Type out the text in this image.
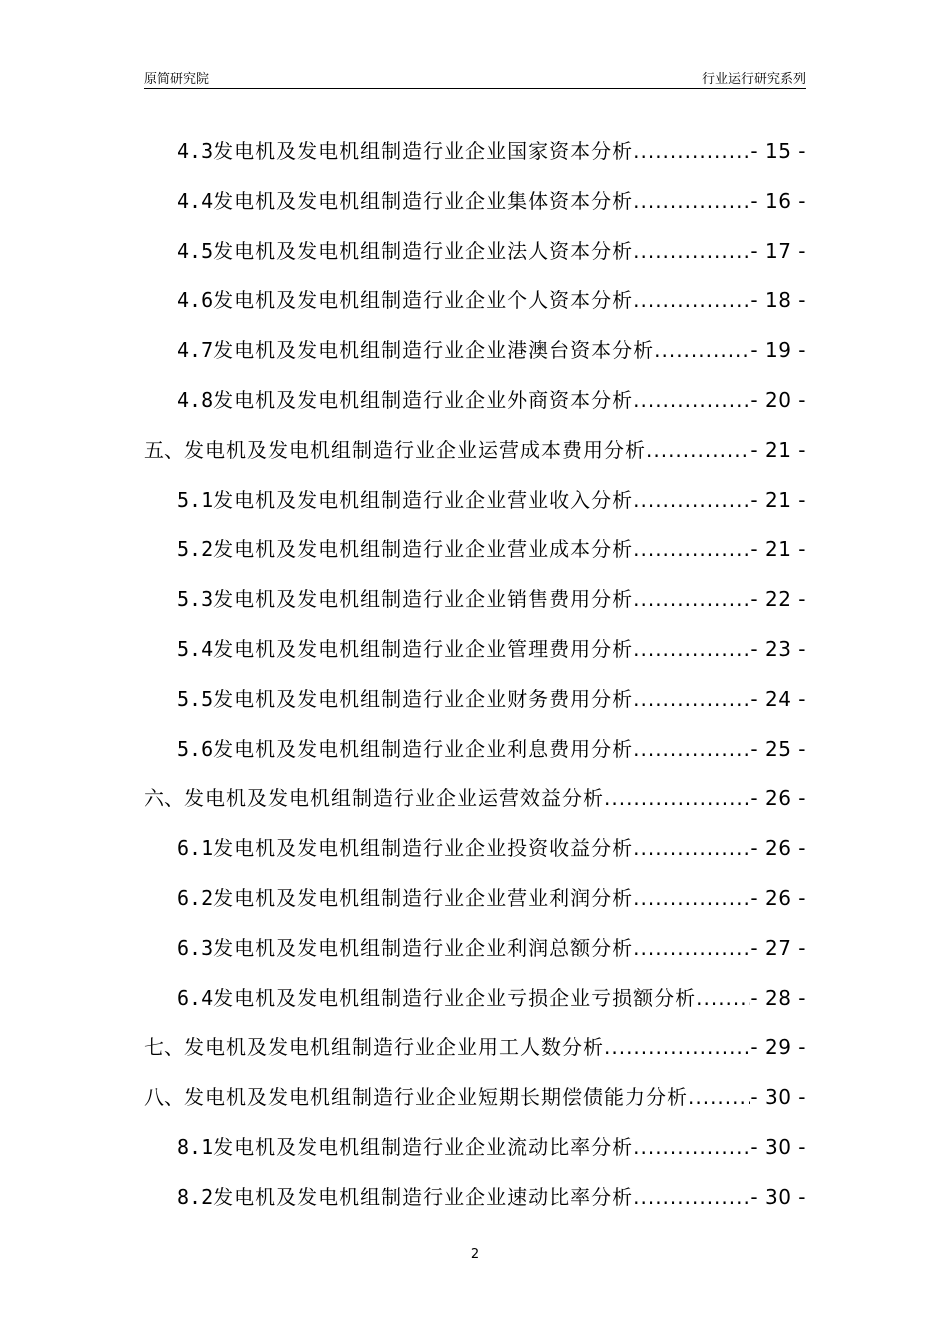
原简研究院	行业运行研究系列
4.3 发电机及发电机组制造行业企业国家资本分析 .....	- 15 -
4.4 发电机及发电机组制造行业企业集体资本分析 .....	- 16 -
4.5 发电机及发电机组制造行业企业法人资本分析 .....	- 17 -
4.6 发电机及发电机组制造行业企业个人资本分析 .....	- 18 -
4.7 发电机及发电机组制造行业企业港澳台资本分析 .....	- 19 -
4.8 发电机及发电机组制造行业企业外商资本分析 .....	- 20 -
五、 发电机及发电机组制造行业企业运营成本费用分析 .....	- 21 -
5.1 发电机及发电机组制造行业企业营业收入分析 .....	- 21 -
5.2 发电机及发电机组制造行业企业营业成本分析 .....	- 21 -
5.3 发电机及发电机组制造行业企业销售费用分析 .....	- 22 -
5.4 发电机及发电机组制造行业企业管理费用分析 .....	- 23 -
5.5 发电机及发电机组制造行业企业财务费用分析 .....	- 24 -
5.6 发电机及发电机组制造行业企业利息费用分析 .....	- 25 -
六、 发电机及发电机组制造行业企业运营效益分析 .....	- 26 -
6.1 发电机及发电机组制造行业企业投资收益分析 .....	- 26 -
6.2 发电机及发电机组制造行业企业营业利润分析 .....	- 26 -
6.3 发电机及发电机组制造行业企业利润总额分析 .....	- 27 -
6.4 发电机及发电机组制造行业企业亏损企业亏损额分析 .....	- 28 -
七、 发电机及发电机组制造行业企业用工人数分析 .....	- 29 -
八、 发电机及发电机组制造行业企业短期长期偿债能力分析 .....	- 30 -
8.1 发电机及发电机组制造行业企业流动比率分析 .....	- 30 -
8.2 发电机及发电机组制造行业企业速动比率分析 .....	- 30 -
2
